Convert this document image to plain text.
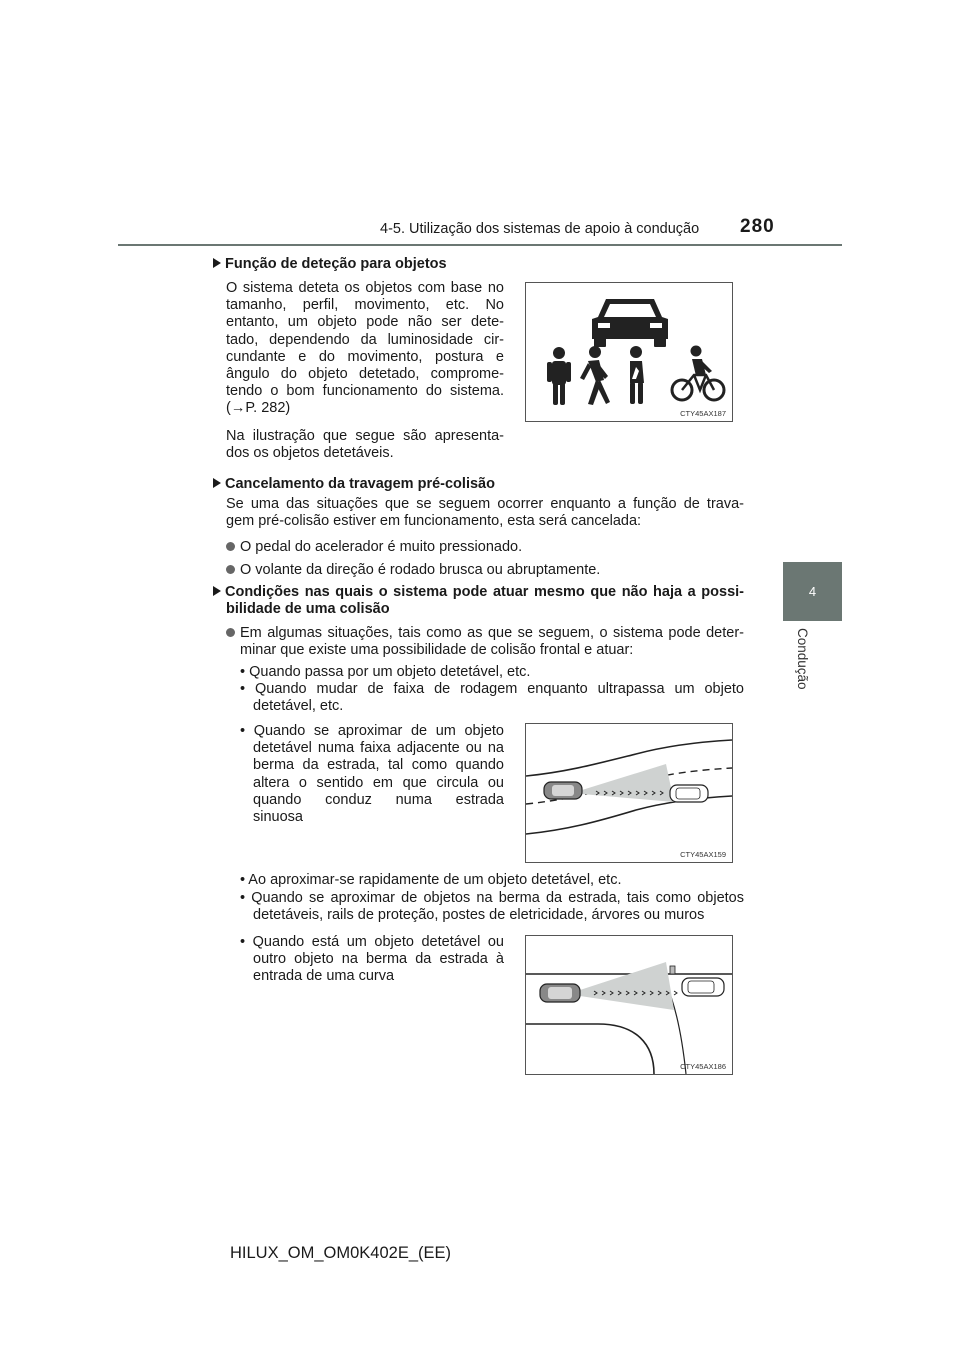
4-5. Utilização dos sistemas de apoio à condução 280
4
Condução
Função de deteção para objetos
O sistema deteta os objetos com base no
tamanho, perfil, movimento, etc. No
entanto, um objeto pode não ser dete-
tado, dependendo da luminosidade cir-
cundante e do movimento, postura e
ângulo do objeto detetado, comprome-
tendo o bom funcionamento do sistema.
(→P. 282)
Na ilustração que segue são apresenta-
dos os objetos detetáveis.
CTY45AX187
Cancelamento da travagem pré-colisão
Se uma das situações que se seguem ocorrer enquanto a função de trava-
gem pré-colisão estiver em funcionamento, esta será cancelada:
O pedal do acelerador é muito pressionado.
O volante da direção é rodado brusca ou abruptamente.
Condições nas quais o sistema pode atuar mesmo que não haja a possi-
bilidade de uma colisão
Em algumas situações, tais como as que se seguem, o sistema pode deter-
minar que existe uma possibilidade de colisão frontal e atuar:
• Quando passa por um objeto detetável, etc.
• Quando mudar de faixa de rodagem enquanto ultrapassa um objeto
detetável, etc.
• Quando se aproximar de um objeto
detetável numa faixa adjacente ou na
berma da estrada, tal como quando
altera o sentido em que circula ou
quando conduz numa estrada
sinuosa
CTY45AX159
• Ao aproximar-se rapidamente de um objeto detetável, etc.
• Quando se aproximar de objetos na berma da estrada, tais como objetos
detetáveis, rails de proteção, postes de eletricidade, árvores ou muros
• Quando está um objeto detetável ou
outro objeto na berma da estrada à
entrada de uma curva
CTY45AX186
HILUX_OM_OM0K402E_(EE)
